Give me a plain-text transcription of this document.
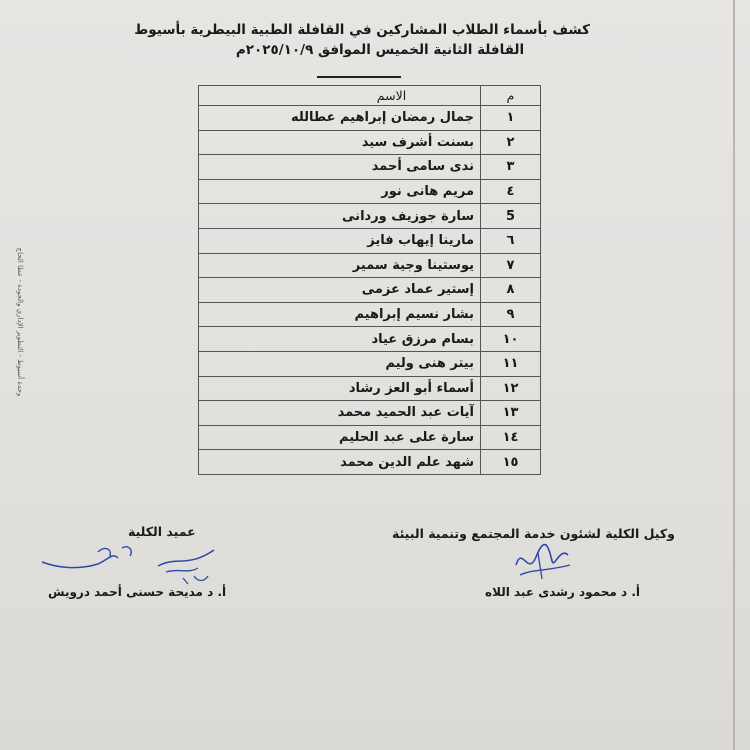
وحدة أسيوط - التطوير الإداري والجودة - عطا الحاج
كشف بأسماء الطلاب المشاركين في القافلة الطبية البيطرية بأسيوط
القافلة الثانية الخميس الموافق ٢٠٢٥/١٠/٩م
م	الاسم
١	جمال رمضان إبراهيم عطالله
٢	بسنت أشرف سيد
٣	ندى سامى أحمد
٤	مريم هانى نور
5	سارة جوزيف وردانى
٦	مارينا إيهاب فايز
٧	يوستينا وجية سمير
٨	إستير عماد عزمى
٩	بشار نسيم إبراهيم
١٠	بسام مرزق عياد
١١	بيتر هنى وليم
١٢	أسماء أبو العز رشاد
١٣	آيات عبد الحميد محمد
١٤	سارة على عبد الحليم
١٥	شهد علم الدين محمد
وكيل الكلية لشئون خدمة المجتمع وتنمية البيئة
أ. د محمود رشدى عبد اللاه
عميد الكلية
أ. د مديحة حسنى أحمد درويش
